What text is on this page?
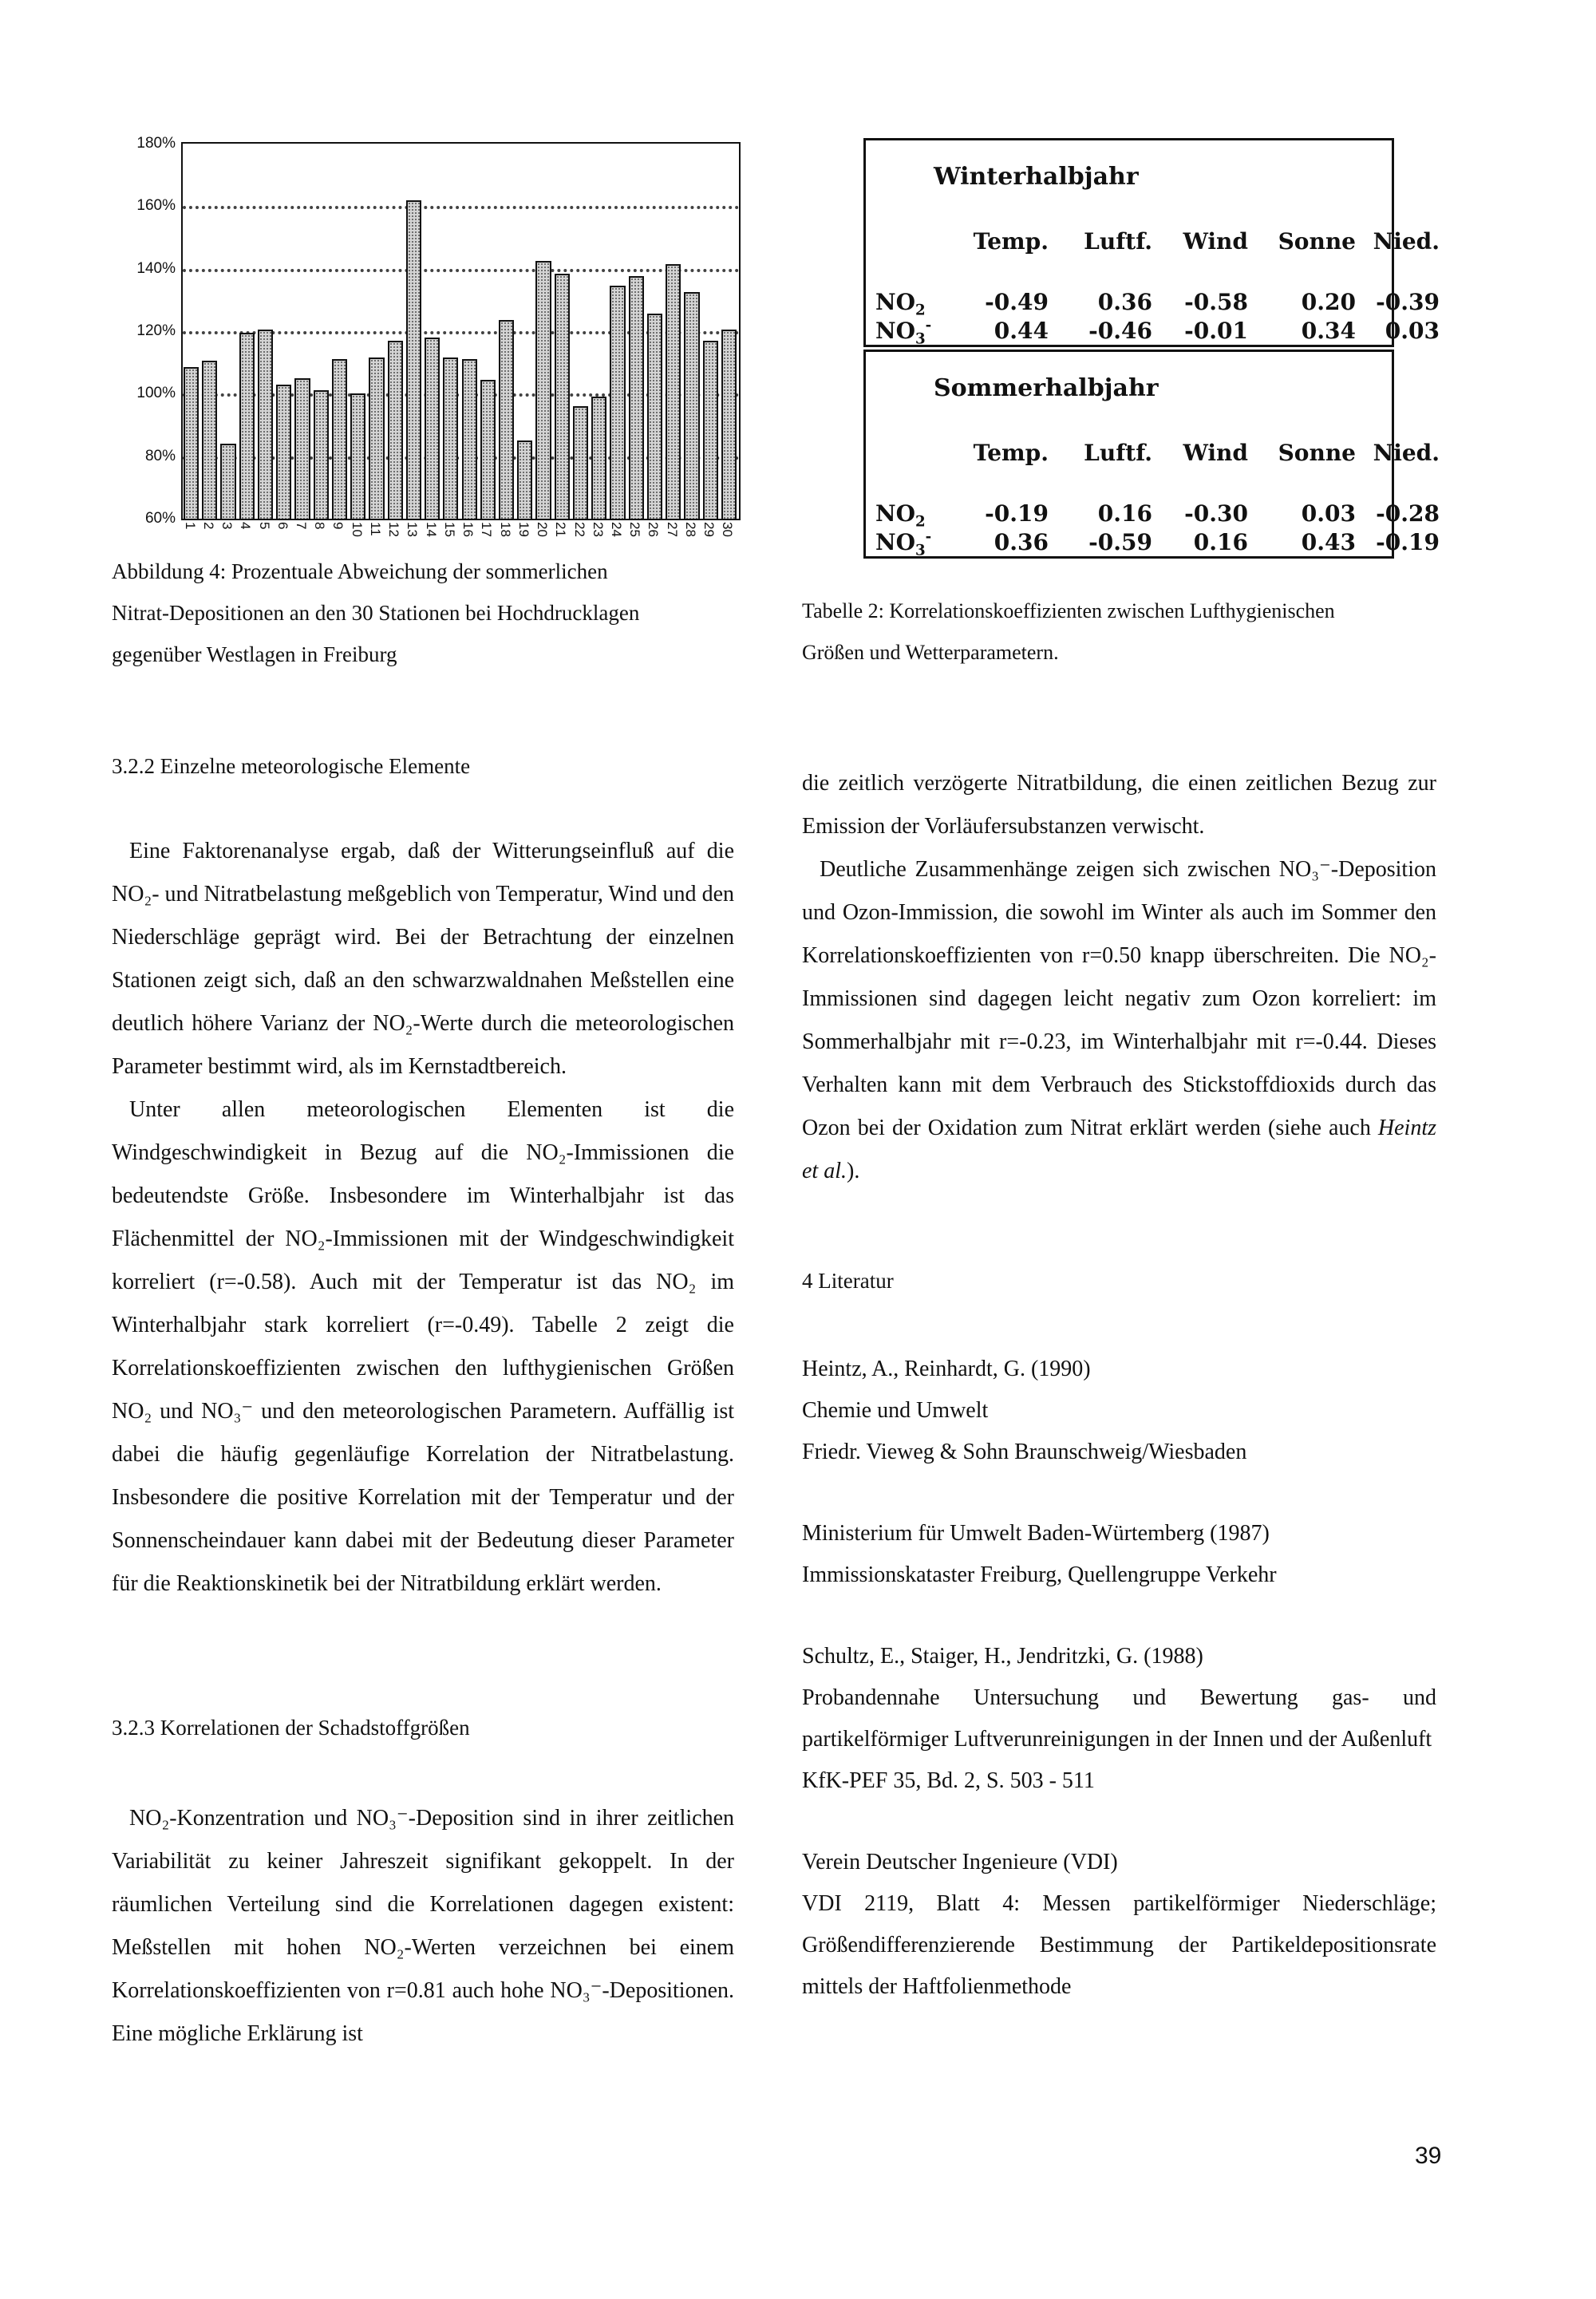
60%
80%
100%
120%
140%
160%
180%
1 2 3 4 5 6 7 8 9 10 11 12 13 14 15 16 17 18 19 20 21 22 23 24 25 26 27 28 29 30
Abbildung 4: Prozentuale Abweichung der sommerlichen
Nitrat-Depositionen an den 30 Stationen bei Hochdrucklagen
gegenüber Westlagen in Freiburg
Winterhalbjahr
Temp. Luftf. Wind Sonne Nied.
$NO_2$	-0.49 0.36 -0.58 0.20 -0.39
$NO_3^-$	0.44 -0.46 -0.01 0.34 0.03
Sommerhalbjahr
Temp. Luftf. Wind Sonne Nied.
$NO_2$	-0.19 0.16 -0.30 0.03 -0.28
$NO_3^-$	0.36 -0.59 0.16 0.43 -0.19
Tabelle 2: Korrelationskoeffizienten zwischen Lufthygienischen
Größen und Wetterparametern.
3.2.2 Einzelne meteorologische Elemente

Eine Faktorenanalyse ergab, daß der Witterungseinfluß auf die NO₂- und Nitratbelastung meßgeblich von Temperatur, Wind und den Niederschläge geprägt wird. Bei der Betrachtung der einzelnen Stationen zeigt sich, daß an den schwarzwaldnahen Meßstellen eine deutlich höhere Varianz der NO₂-Werte durch die meteorologischen Parameter bestimmt wird, als im Kernstadtbereich.

Unter allen meteorologischen Elementen ist die Windgeschwindigkeit in Bezug auf die NO₂-Immissionen die bedeutendste Größe. Insbesondere im Winterhalbjahr ist das Flächenmittel der NO₂-Immissionen mit der Windgeschwindigkeit korreliert (r=-0.58). Auch mit der Temperatur ist das NO₂ im Winterhalbjahr stark korreliert (r=-0.49). Tabelle 2 zeigt die Korrelationskoeffizienten zwischen den lufthygienischen Größen NO₂ und NO₃⁻ und den meteorologischen Parametern. Auffällig ist dabei die häufig gegenläufige Korrelation der Nitratbelastung. Insbesondere die positive Korrelation mit der Temperatur und der Sonnenscheindauer kann dabei mit der Bedeutung dieser Parameter für die Reaktionskinetik bei der Nitratbildung erklärt werden.

3.2.3 Korrelationen der Schadstoffgrößen

NO₂-Konzentration und NO₃⁻-Deposition sind in ihrer zeitlichen Variabilität zu keiner Jahreszeit signifikant gekoppelt. In der räumlichen Verteilung sind die Korrelationen dagegen existent: Meßstellen mit hohen NO₂-Werten verzeichnen bei einem Korrelationskoeffizienten von r=0.81 auch hohe NO₃⁻-Depositionen. Eine mögliche Erklärung ist

die zeitlich verzögerte Nitratbildung, die einen zeitlichen Bezug zur Emission der Vorläufersubstanzen verwischt.

Deutliche Zusammenhänge zeigen sich zwischen NO₃⁻-Deposition und Ozon-Immission, die sowohl im Winter als auch im Sommer den Korrelationskoeffizienten von r=0.50 knapp überschreiten. Die NO₂-Immissionen sind dagegen leicht negativ zum Ozon korreliert: im Sommerhalbjahr mit r=-0.23, im Winterhalbjahr mit r=-0.44. Dieses Verhalten kann mit dem Verbrauch des Stickstoffdioxids durch das Ozon bei der Oxidation zum Nitrat erklärt werden (siehe auch Heintz et al.).

4 Literatur
Heintz, A., Reinhardt, G. (1990)
Chemie und Umwelt
Friedr. Vieweg & Sohn Braunschweig/Wiesbaden
Ministerium für Umwelt Baden-Würtemberg (1987)
Immissionskataster Freiburg, Quellengruppe Verkehr
Schultz, E., Staiger, H., Jendritzki, G. (1988)
Probandennahe Untersuchung und Bewertung gas- und partikelförmiger Luftverunreinigungen in der Innen und der Außenluft
KfK-PEF 35, Bd. 2, S. 503 - 511
Verein Deutscher Ingenieure (VDI)
VDI 2119, Blatt 4: Messen partikelförmiger Niederschläge; Größendifferenzierende Bestimmung der Partikeldepositionsrate mittels der Haftfolienmethode
39
